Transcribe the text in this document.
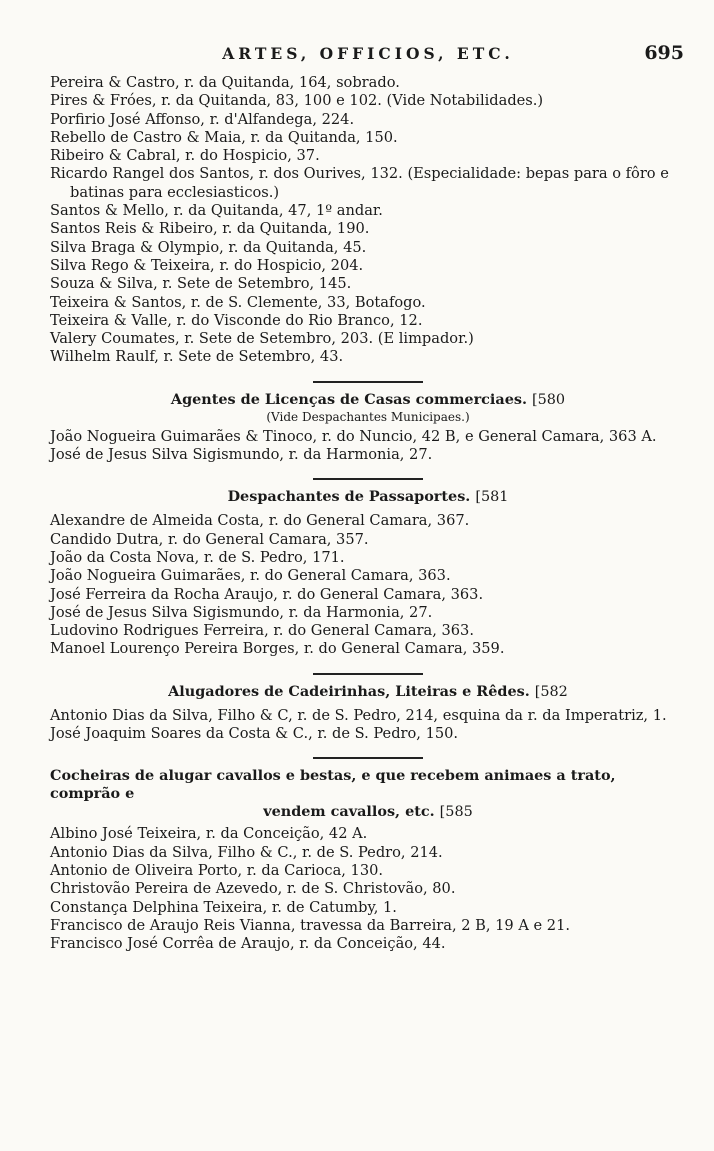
ARTES, OFFICIOS, ETC.	695
Pereira & Castro, r. da Quitanda, 164, sobrado.
Pires & Fróes, r. da Quitanda, 83, 100 e 102. (Vide Notabilidades.)
Porfirio José Affonso, r. d'Alfandega, 224.
Rebello de Castro & Maia, r. da Quitanda, 150.
Ribeiro & Cabral, r. do Hospicio, 37.
Ricardo Rangel dos Santos, r. dos Ourives, 132. (Especialidade: bepas para o fôro e batinas para ecclesiasticos.)
Santos & Mello, r. da Quitanda, 47, 1º andar.
Santos Reis & Ribeiro, r. da Quitanda, 190.
Silva Braga & Olympio, r. da Quitanda, 45.
Silva Rego & Teixeira, r. do Hospicio, 204.
Souza & Silva, r. Sete de Setembro, 145.
Teixeira & Santos, r. de S. Clemente, 33, Botafogo.
Teixeira & Valle, r. do Visconde do Rio Branco, 12.
Valery Coumates, r. Sete de Setembro, 203. (E limpador.)
Wilhelm Raulf, r. Sete de Setembro, 43.

Agentes de Licenças de Casas commerciaes. [580

(Vide Despachantes Municipaes.)
João Nogueira Guimarães & Tinoco, r. do Nuncio, 42 B, e General Camara, 363 A.
José de Jesus Silva Sigismundo, r. da Harmonia, 27.

Despachantes de Passaportes. [581

Alexandre de Almeida Costa, r. do General Camara, 367.
Candido Dutra, r. do General Camara, 357.
João da Costa Nova, r. de S. Pedro, 171.
João Nogueira Guimarães, r. do General Camara, 363.
José Ferreira da Rocha Araujo, r. do General Camara, 363.
José de Jesus Silva Sigismundo, r. da Harmonia, 27.
Ludovino Rodrigues Ferreira, r. do General Camara, 363.
Manoel Lourenço Pereira Borges, r. do General Camara, 359.

Alugadores de Cadeirinhas, Liteiras e Rêdes. [582

Antonio Dias da Silva, Filho & C, r. de S. Pedro, 214, esquina da r. da Imperatriz, 1.
José Joaquim Soares da Costa & C., r. de S. Pedro, 150.

Cocheiras de alugar cavallos e bestas, e que recebem animaes a trato, comprão e

vendem cavallos, etc. [585

Albino José Teixeira, r. da Conceição, 42 A.
Antonio Dias da Silva, Filho & C., r. de S. Pedro, 214.
Antonio de Oliveira Porto, r. da Carioca, 130.
Christovão Pereira de Azevedo, r. de S. Christovão, 80.
Constança Delphina Teixeira, r. de Catumby, 1.
Francisco de Araujo Reis Vianna, travessa da Barreira, 2 B, 19 A e 21.
Francisco José Corrêa de Araujo, r. da Conceição, 44.
